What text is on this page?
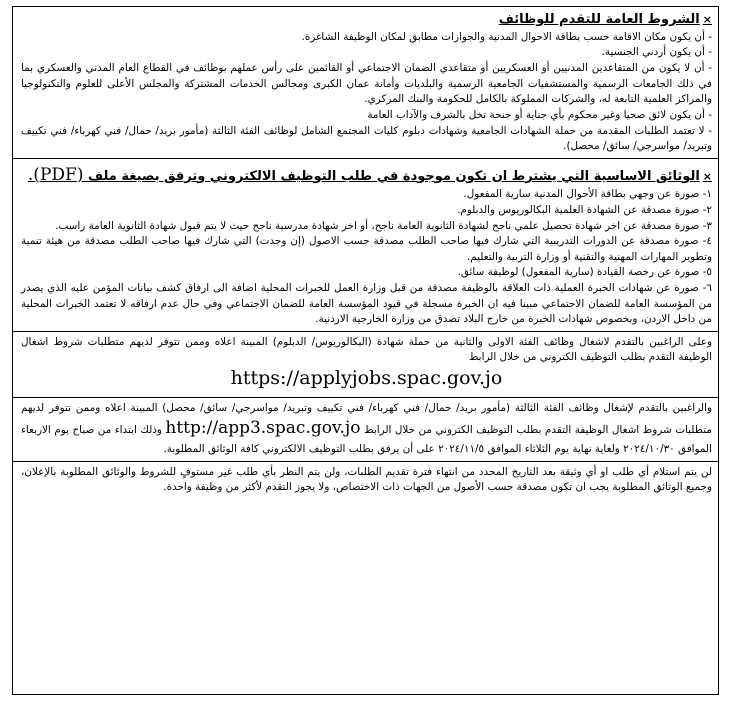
×الشروط العامة للتقدم للوظائف

- أن يكون مكان الاقامة حسب بطاقة الاحوال المدنية والجوازات مطابق لمكان الوظيفة الشاغرة.

- أن يكون أردني الجنسية.

- أن لا يكون من المتقاعدين المدنيين أو العسكريين أو متقاعدي الضمان الاجتماعي أو القائمين على رأس عملهم بوظائف في القطاع العام المدني والعسكري بما في ذلك الجامعات الرسمية والمستشفيات الجامعية الرسمية والبلديات وأمانة عمان الكبرى ومجالس الخدمات المشتركة والمجلس الأعلى للعلوم والتكنولوجيا والمراكز العلمية التابعة له، والشركات المملوكة بالكامل للحكومة والبنك المركزي.

- أن يكون لائق صحيا وغير محكوم بأي جناية أو جنحة تخل بالشرف والآداب العامة

- لا تعتمد الطلبات المقدمة من حملة الشهادات الجامعية وشهادات دبلوم كليات المجتمع الشامل لوظائف الفئة الثالثة (مأمور بريد/ حمال/ فني كهرباء/ فني تكييف وتبريد/ مواسرجي/ سائق/ محصل).

×الوثائق الاساسية التي يشترط ان تكون موجودة في طلب التوظيف الالكتروني وترفق بصيغة ملف (PDF).

١- صورة عن وجهي بطاقة الأحوال المدنية سارية المفعول.

٢- صورة مصدقة عن الشهادة العلمية البكالوريوس والدبلوم.

٣- صورة مصدقة عن اخر شهادة تحصيل علمي ناجح لشهادة الثانوية العامة ناجح، أو اخر شهادة مدرسية ناجح حيث لا يتم قبول شهادة الثانوية العامة راسب.

٤- صورة مصدقة عن الدورات التدريبية التي شارك فيها صاحب الطلب مصدقة حسب الاصول (إن وجدت) التي شارك فيها صاحب الطلب مصدقة من هيئة تنمية وتطوير المهارات المهنية والتقنية أو وزارة التربية والتعليم.

٥- صورة عن رخصة القيادة (سارية المفعول) لوظيفة سائق.

٦- صورة عن شهادات الخبرة العملية ذات العلاقة بالوظيفة مصدقة من قبل وزارة العمل للخبرات المحلية اضافة الى ارفاق كشف بيانات المؤمن عليه الذي يصدر من المؤسسة العامة للضمان الاجتماعي مبينا فيه ان الخبرة مسجلة في قيود المؤسسة العامة للضمان الاجتماعي وفي حال عدم ارفاقه لا تعتمد الخبرات المحلية من داخل الاردن، وبخصوص شهادات الخبرة من خارج البلاد تصدق من وزارة الخارجية الاردنية.

وعلى الراغبين بالتقدم لاشغال وظائف الفئة الاولى والثانية من حملة شهادة (البكالوريوس/ الدبلوم) المبينة اعلاه وممن تتوفر لديهم متطلبات شروط اشغال الوظيفة التقدم بطلب التوظيف الكتروني من خلال الرابط

https://applyjobs.spac.gov.jo

والراغبين بالتقدم لإشغال وظائف الفئة الثالثة (مأمور بريد/ حمال/ فني كهرباء/ فني تكييف وتبريد/ مواسرجي/ سائق/ محصل) المبينة اعلاه وممن تتوفر لديهم متطلبات شروط اشغال الوظيفة التقدم بطلب التوظيف الكتروني من خلال الرابط http://app3.spac.gov.jo وذلك ابتداء من صباح يوم الاربعاء الموافق ٢٠٢٤/١٠/٣٠ ولغاية نهاية يوم الثلاثاء الموافق ٢٠٢٤/١١/٥ على أن يرفق بطلب التوظيف الالكتروني كافة الوثائق المطلوبة.

لن يتم استلام أي طلب او أي وثيقة بعد التاريخ المحدد من انتهاء فترة تقديم الطلبات، ولن يتم النظر بأي طلب غير مستوفٍ للشروط والوثائق المطلوبة بالإعلان، وجميع الوثائق المطلوبة يجب ان تكون مصدقة حسب الأصول من الجهات ذات الاختصاص، ولا يجوز التقدم لأكثر من وظيفة واحدة.
